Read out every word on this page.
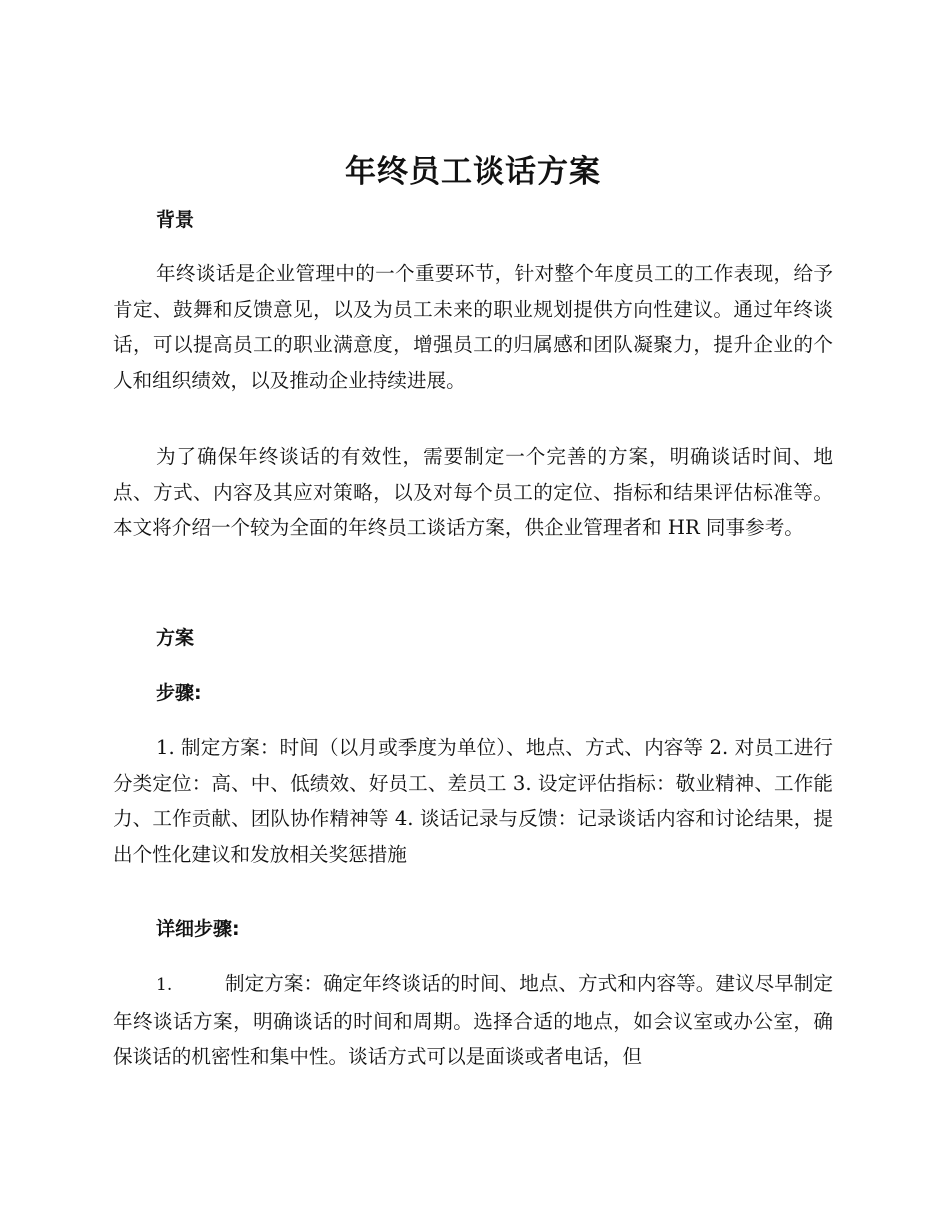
年终员工谈话方案
背景

年终谈话是企业管理中的一个重要环节，针对整个年度员工的工作表现，给予肯定、鼓舞和反馈意见，以及为员工未来的职业规划提供方向性建议。通过年终谈话，可以提高员工的职业满意度，增强员工的归属感和团队凝聚力，提升企业的个人和组织绩效，以及推动企业持续进展。

为了确保年终谈话的有效性，需要制定一个完善的方案，明确谈话时间、地点、方式、内容及其应对策略，以及对每个员工的定位、指标和结果评估标准等。本文将介绍一个较为全面的年终员工谈话方案，供企业管理者和 HR 同事参考。

方案
步骤:

1. 制定方案：时间（以月或季度为单位）、地点、方式、内容等 2. 对员工进行分类定位：高、中、低绩效、好员工、差员工 3. 设定评估指标：敬业精神、工作能力、工作贡献、团队协作精神等 4. 谈话记录与反馈：记录谈话内容和讨论结果，提出个性化建议和发放相关奖惩措施

详细步骤:

1.	制定方案：确定年终谈话的时间、地点、方式和内容等。建议尽早制定年终谈话方案，明确谈话的时间和周期。选择合适的地点，如会议室或办公室，确保谈话的机密性和集中性。谈话方式可以是面谈或者电话，但
